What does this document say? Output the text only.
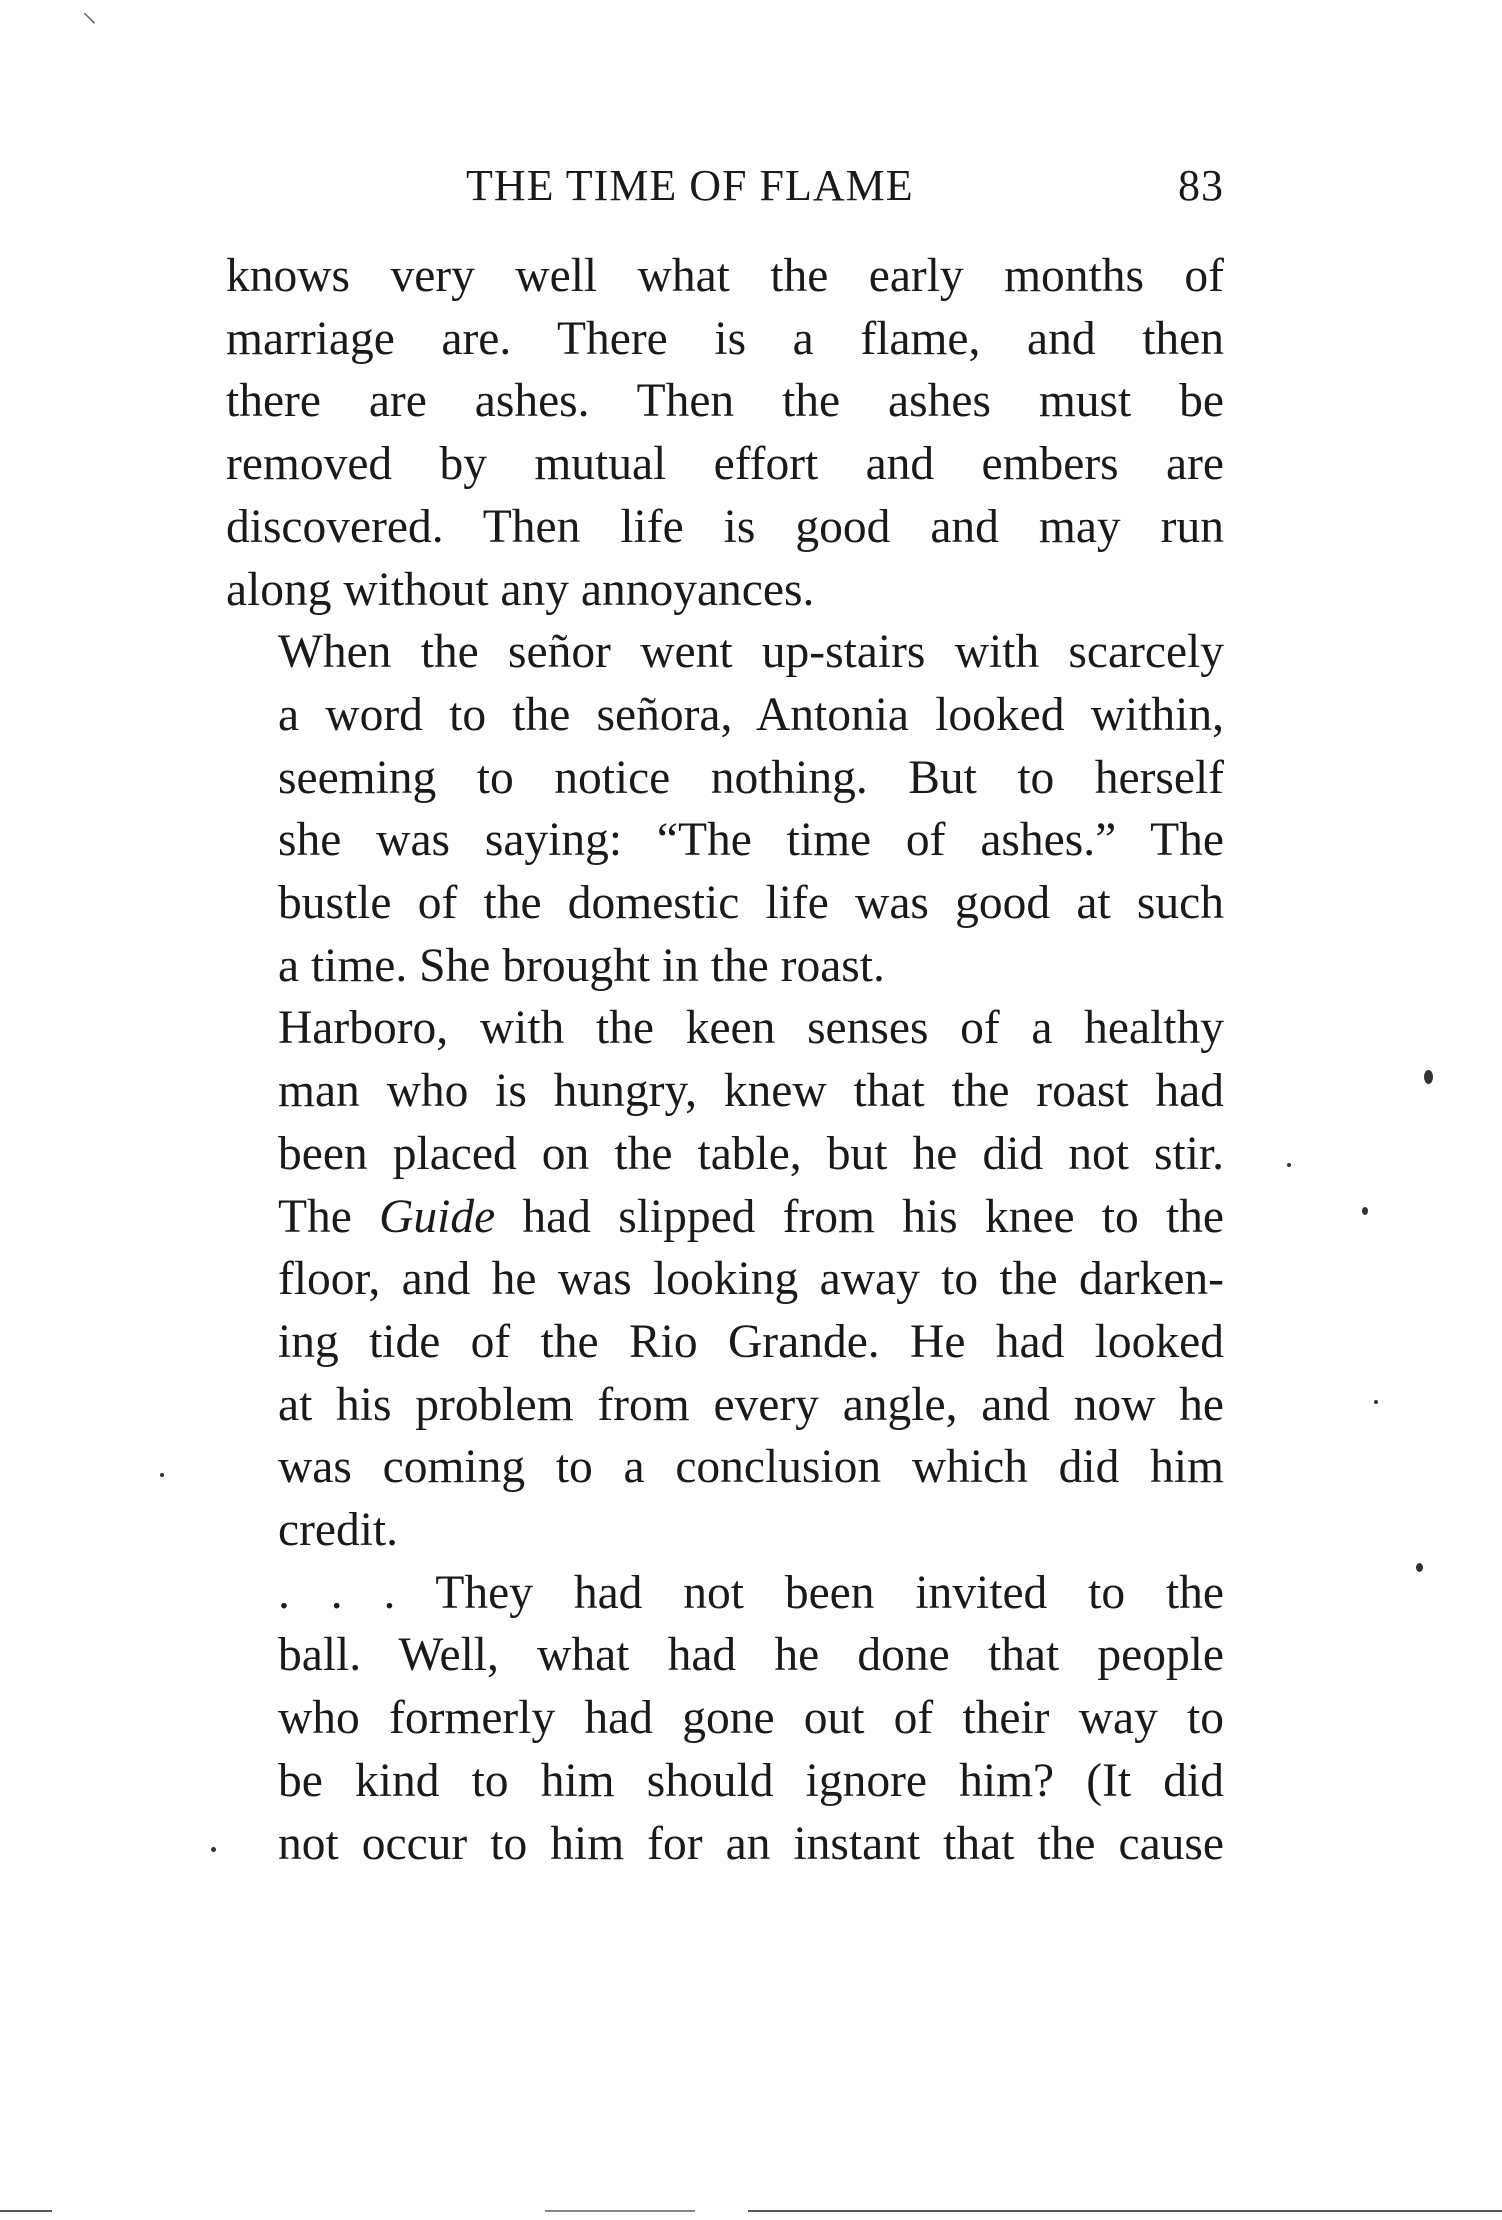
THE TIME OF FLAME	83

knows very well what the early months of
marriage are. There is a flame, and then
there are ashes. Then the ashes must be
removed by mutual effort and embers are
discovered. Then life is good and may run
along without any annoyances.

When the señor went up-stairs with scarcely
a word to the señora, Antonia looked within,
seeming to notice nothing. But to herself
she was saying: “The time of ashes.” The
bustle of the domestic life was good at such
a time. She brought in the roast.

Harboro, with the keen senses of a healthy
man who is hungry, knew that the roast had
been placed on the table, but he did not stir.
The Guide had slipped from his knee to the
floor, and he was looking away to the darken-
ing tide of the Rio Grande. He had looked
at his problem from every angle, and now he
was coming to a conclusion which did him
credit.

. . . They had not been invited to the
ball. Well, what had he done that people
who formerly had gone out of their way to
be kind to him should ignore him? (It did
not occur to him for an instant that the cause

⸌
